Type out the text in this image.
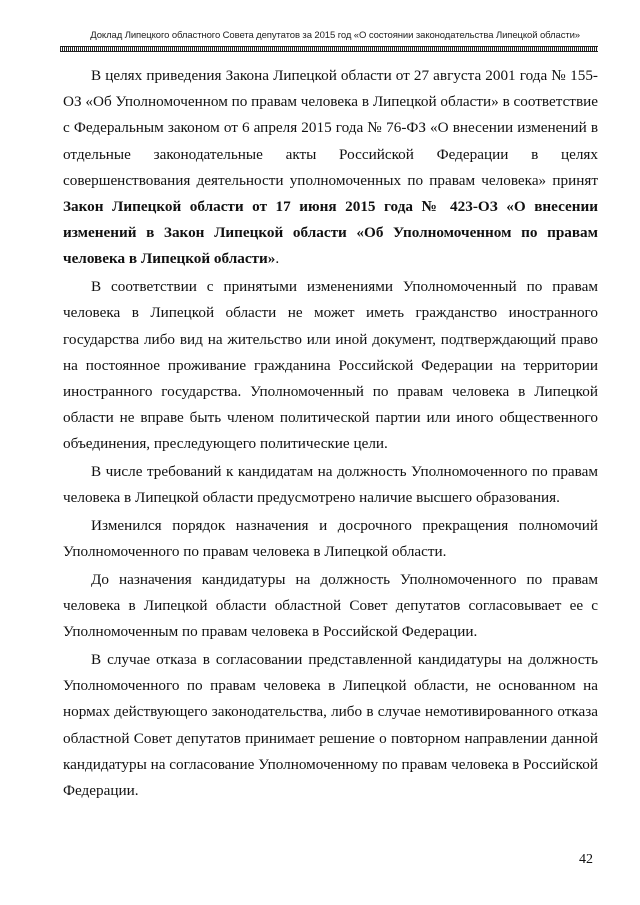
Доклад Липецкого областного Совета депутатов за 2015 год «О состоянии законодательства Липецкой области»

В целях приведения Закона Липецкой области от 27 августа 2001 года № 155-ОЗ «Об Уполномоченном по правам человека в Липецкой области» в соответствие с Федеральным законом от 6 апреля 2015 года № 76-ФЗ «О внесении изменений в отдельные законодательные акты Российской Федерации в целях совершенствования деятельности уполномоченных по правам человека» принят Закон Липецкой области от 17 июня 2015 года № 423-ОЗ «О внесении изменений в Закон Липецкой области «Об Уполномоченном по правам человека в Липецкой области».

В соответствии с принятыми изменениями Уполномоченный по правам человека в Липецкой области не может иметь гражданство иностранного государства либо вид на жительство или иной документ, подтверждающий право на постоянное проживание гражданина Российской Федерации на территории иностранного государства. Уполномоченный по правам человека в Липецкой области не вправе быть членом политической партии или иного общественного объединения, преследующего политические цели.

В числе требований к кандидатам на должность Уполномоченного по правам человека в Липецкой области предусмотрено наличие высшего образования.

Изменился порядок назначения и досрочного прекращения полномочий Уполномоченного по правам человека в Липецкой области.

До назначения кандидатуры на должность Уполномоченного по правам человека в Липецкой области областной Совет депутатов согласовывает ее с Уполномоченным по правам человека в Российской Федерации.

В случае отказа в согласовании представленной кандидатуры на должность Уполномоченного по правам человека в Липецкой области, не основанном на нормах действующего законодательства, либо в случае немотивированного отказа областной Совет депутатов принимает решение о повторном направлении данной кандидатуры на согласование Уполномоченному по правам человека в Российской Федерации.

42
